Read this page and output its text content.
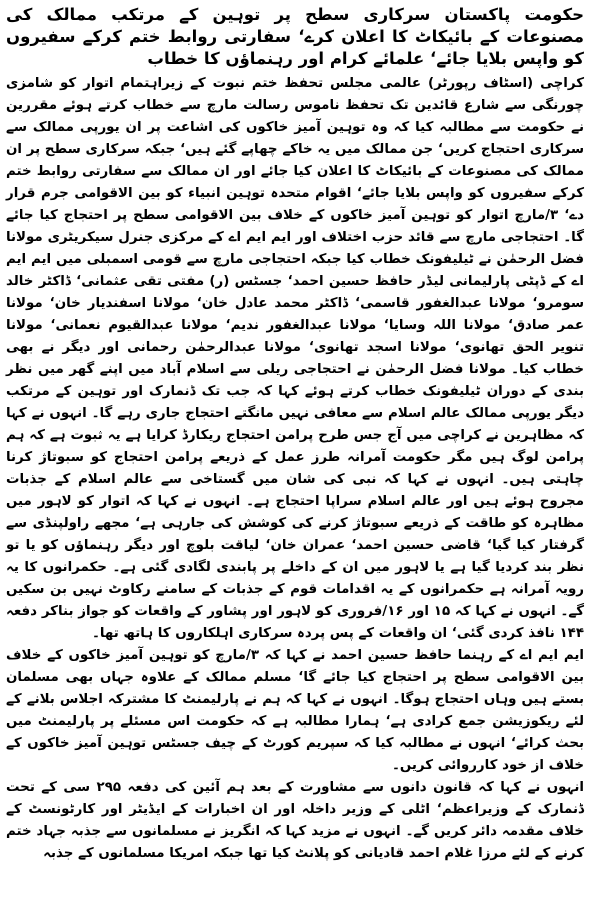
حکومت پاکستان سرکاری سطح پر توہین کے مرتکب ممالک کی مصنوعات کے بائیکاٹ کا اعلان کرے‘ سفارتی روابط ختم کرکے سفیروں کو واپس بلایا جائے‘ علمائے کرام اور رہنماؤں کا خطاب

کراچی (اسٹاف رپورٹر) عالمی مجلس تحفظ ختم نبوت کے زیراہتمام اتوار کو شامزی چورنگی سے شارع قائدین تک تحفظ ناموس رسالت مارچ سے خطاب کرتے ہوئے مقررین نے حکومت سے مطالبہ کیا کہ وہ توہین آمیز خاکوں کی اشاعت پر ان یورپی ممالک سے سرکاری احتجاج کریں‘ جن ممالک میں یہ خاکے چھاپے گئے ہیں‘ جبکہ سرکاری سطح پر ان ممالک کی مصنوعات کے بائیکاٹ کا اعلان کیا جائے اور ان ممالک سے سفارتی روابط ختم کرکے سفیروں کو واپس بلایا جائے‘ اقوام متحدہ توہین انبیاء کو بین الاقوامی جرم قرار دے‘ ۳/مارچ اتوار کو توہین آمیز خاکوں کے خلاف بین الاقوامی سطح پر احتجاج کیا جائے گا۔ احتجاجی مارچ سے قائد حزب اختلاف اور ایم ایم اے کے مرکزی جنرل سیکریٹری مولانا فضل الرحمٰن نے ٹیلیفونک خطاب کیا جبکہ احتجاجی مارچ سے قومی اسمبلی میں ایم ایم اے کے ڈپٹی پارلیمانی لیڈر حافظ حسین احمد‘ جسٹس (ر) مفتی تقی عثمانی‘ ڈاکٹر خالد سومرو‘ مولانا عبدالغفور قاسمی‘ ڈاکٹر محمد عادل خان‘ مولانا اسفندیار خان‘ مولانا عمر صادق‘ مولانا اللہ وسایا‘ مولانا عبدالغفور ندیم‘ مولانا عبدالقیوم نعمانی‘ مولانا تنویر الحق تھانوی‘ مولانا اسجد تھانوی‘ مولانا عبدالرحمٰن رحمانی اور دیگر نے بھی خطاب کیا۔ مولانا فضل الرحمٰن نے احتجاجی ریلی سے اسلام آباد میں اپنے گھر میں نظر بندی کے دوران ٹیلیفونک خطاب کرتے ہوئے کہا کہ جب تک ڈنمارک اور توہین کے مرتکب دیگر یورپی ممالک عالم اسلام سے معافی نہیں مانگتے احتجاج جاری رہے گا۔ انہوں نے کہا کہ مظاہرین نے کراچی میں آج جس طرح پرامن احتجاج ریکارڈ کرایا ہے یہ ثبوت ہے کہ ہم پرامن لوگ ہیں مگر حکومت آمرانہ طرز عمل کے ذریعے پرامن احتجاج کو سبوتاژ کرنا چاہتی ہیں۔ انہوں نے کہا کہ نبی کی شان میں گستاخی سے عالم اسلام کے جذبات مجروح ہوئے ہیں اور عالم اسلام سراپا احتجاج ہے۔ انہوں نے کہا کہ اتوار کو لاہور میں مظاہرہ کو طاقت کے ذریعے سبوتاژ کرنے کی کوشش کی جارہی ہے‘ مجھے راولپنڈی سے گرفتار کیا گیا‘ قاضی حسین احمد‘ عمران خان‘ لیاقت بلوچ اور دیگر رہنماؤں کو یا تو نظر بند کردیا گیا ہے یا لاہور میں ان کے داخلے پر پابندی لگادی گئی ہے۔ حکمرانوں کا یہ رویہ آمرانہ ہے حکمرانوں کے یہ اقدامات قوم کے جذبات کے سامنے رکاوٹ نہیں بن سکیں گے۔ انہوں نے کہا کہ ۱۵ اور ۱۶/فروری کو لاہور اور پشاور کے واقعات کو جواز بناکر دفعہ ۱۴۴ نافذ کردی گئی‘ ان واقعات کے پس پردہ سرکاری اہلکاروں کا ہاتھ تھا۔

ایم ایم اے کے رہنما حافظ حسین احمد نے کہا کہ ۳/مارچ کو توہین آمیز خاکوں کے خلاف بین الاقوامی سطح پر احتجاج کیا جائے گا‘ مسلم ممالک کے علاوہ جہاں بھی مسلمان بستے ہیں وہاں احتجاج ہوگا۔ انہوں نے کہا کہ ہم نے پارلیمنٹ کا مشترکہ اجلاس بلانے کے لئے ریکوزیشن جمع کرادی ہے‘ ہمارا مطالبہ ہے کہ حکومت اس مسئلے پر پارلیمنٹ میں بحث کرائے‘ انہوں نے مطالبہ کیا کہ سپریم کورٹ کے چیف جسٹس توہین آمیز خاکوں کے خلاف از خود کارروائی کریں۔

انہوں نے کہا کہ قانون دانوں سے مشاورت کے بعد ہم آئین کی دفعہ ۲۹۵ سی کے تحت ڈنمارک کے وزیراعظم‘ اٹلی کے وزیر داخلہ اور ان اخبارات کے ایڈیٹر اور کارٹونسٹ کے خلاف مقدمہ دائر کریں گے۔ انہوں نے مزید کہا کہ انگریز نے مسلمانوں سے جذبہ جہاد ختم کرنے کے لئے مرزا غلام احمد قادیانی کو پلانٹ کیا تھا جبکہ امریکا مسلمانوں کے جذبہ
